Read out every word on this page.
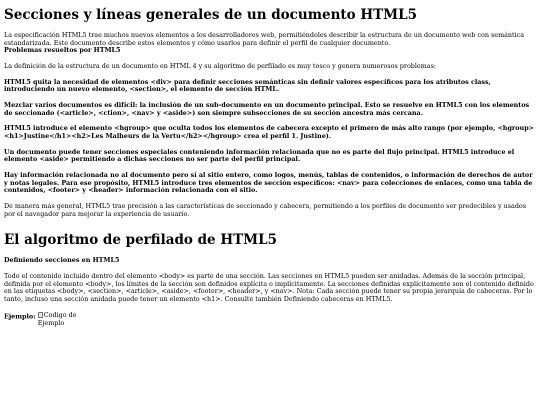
Secciones y líneas generales de un documento HTML5

La especificación HTML5 trae muchos nuevos elementos a los desarrolladores web, permitiéndoles describir la estructura de un documento web con semántica estandarizada. Este documento describe estos elementos y cómo usarlos para definir el perfil de cualquier documento.

Problemas resueltos por HTML5

La definición de la estructura de un documento en HTML 4 y su algoritmo de perfilado es muy tosco y genera numerosos problemas:

HTML5 quita la necesidad de elementos <div> para definir secciones semánticas sin definir valores específicos para los atributos class, introduciendo un nuevo elemento, <section>, el elemento de sección HTML.

Mezclar varios documentos es difícil: la inclusión de un sub-documento en un documento principal. Esto se resuelve en HTML5 con los elementos de seccionado (<article>, <ction>, <nav> y <aside>) son siempre subsecciones de su sección ancestra más cercana.

HTML5 introduce el elemento <hgroup> que oculta todos los elementos de cabecera excepto el primero de más alto rango (por ejemplo, <hgroup><h1>Justine</h1><h2>Les Malheurs de la Vertu</h2></hgroup> crea el perfil 1. Justine).

Un documento puede tener secciones especiales conteniendo información relacionada que no es parte del flujo principal. HTML5 introduce el elemento <aside> permitiendo a dichas secciones no ser parte del perfil principal.

Hay información relacionada no al documento pero sí al sitio entero, como logos, menús, tablas de contenidos, o información de derechos de autor y notas legales. Para ese propósito, HTML5 introduce tres elementos de sección específicos: <nav> para colecciones de enlaces, como una tabla de contenidos, <footer> y <header> información relacionada con el sitio.

De manera más general, HTML5 trae precisión a las características de seccionado y cabecera, permitiendo a los perfiles de documento ser predecibles y usados por el navegador para mejorar la experiencia de usuario.

El algoritmo de perfilado de HTML5

Definiendo secciones en HTML5

Todo el contenido incluido dentro del elemento <body> es parte de una sección. Las secciones en HTML5 pueden ser anidadas. Además de la sección principal, definida por el elemento <body>, los límites de la sección son definidos explícita o implícitamente. La secciones definidas explícitamente son el contenido definido en las etiquetas <body>, <section>, <article>, <aside>, <footer>, <header>, y <nav>. Nota: Cada sección puede tener su propia jerarquía de cabeceras. Por lo tanto, incluso una sección anidada puede tener un elemento <h1>. Consulte también Definiendo cabeceras en HTML5.

Ejemplo: Codigo de Ejemplo
